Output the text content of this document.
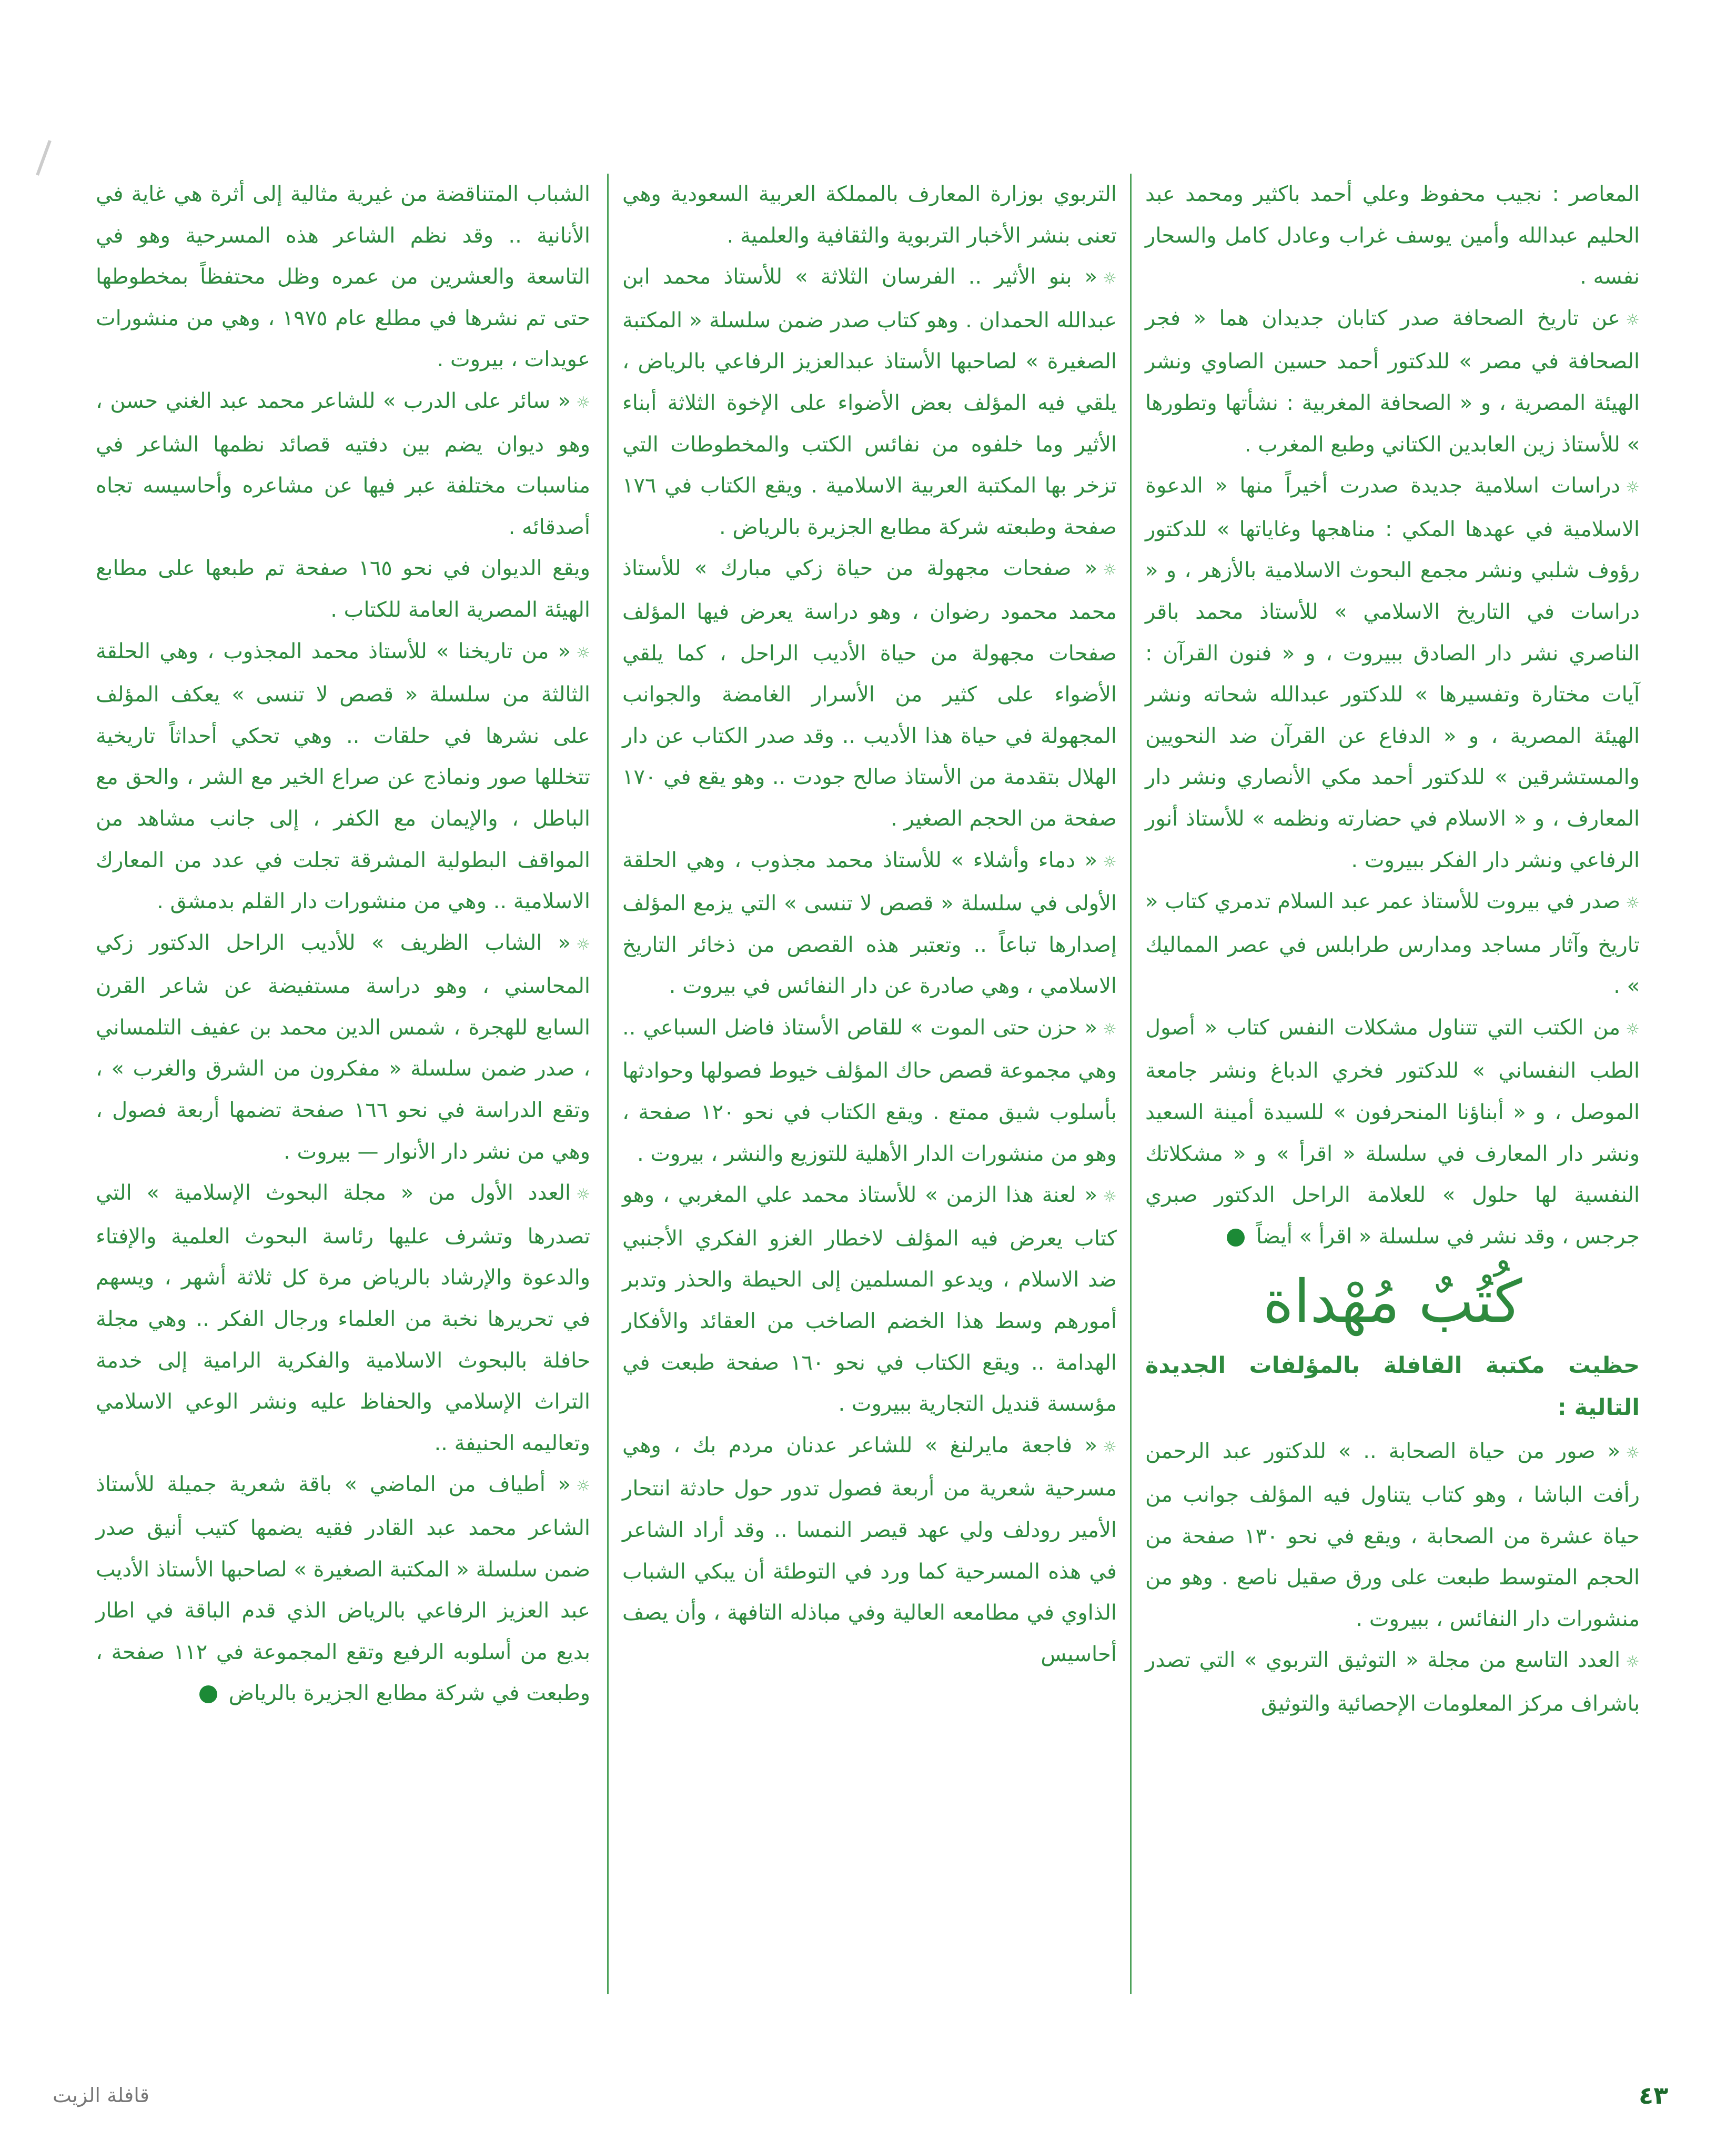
المعاصر : نجيب محفوظ وعلي أحمد باكثير ومحمد عبد الحليم عبدالله وأمين يوسف غراب وعادل كامل والسحار نفسه .

☼عن تاريخ الصحافة صدر كتابان جديدان هما « فجر الصحافة في مصر » للدكتور أحمد حسين الصاوي ونشر الهيئة المصرية ، و « الصحافة المغربية : نشأتها وتطورها » للأستاذ زين العابدين الكتاني وطبع المغرب .

☼دراسات اسلامية جديدة صدرت أخيراً منها « الدعوة الاسلامية في عهدها المكي : مناهجها وغاياتها » للدكتور رؤوف شلبي ونشر مجمع البحوث الاسلامية بالأزهر ، و « دراسات في التاريخ الاسلامي » للأستاذ محمد باقر الناصري نشر دار الصادق ببيروت ، و « فنون القرآن : آيات مختارة وتفسيرها » للدكتور عبدالله شحاته ونشر الهيئة المصرية ، و « الدفاع عن القرآن ضد النحويين والمستشرقين » للدكتور أحمد مكي الأنصاري ونشر دار المعارف ، و « الاسلام في حضارته ونظمه » للأستاذ أنور الرفاعي ونشر دار الفكر ببيروت .

☼صدر في بيروت للأستاذ عمر عبد السلام تدمري كتاب « تاريخ وآثار مساجد ومدارس طرابلس في عصر المماليك » .

☼من الكتب التي تتناول مشكلات النفس كتاب « أصول الطب النفساني » للدكتور فخري الدباغ ونشر جامعة الموصل ، و « أبناؤنا المنحرفون » للسيدة أمينة السعيد ونشر دار المعارف في سلسلة « اقرأ » و « مشكلاتك النفسية لها حلول » للعلامة الراحل الدكتور صبري جرجس ، وقد نشر في سلسلة « اقرأ » أيضاً

كُتُبٌ مُهْداة

حظيت مكتبة القافلة بالمؤلفات الجديدة التالية :

☼« صور من حياة الصحابة .. » للدكتور عبد الرحمن رأفت الباشا ، وهو كتاب يتناول فيه المؤلف جوانب من حياة عشرة من الصحابة ، ويقع في نحو ١٣٠ صفحة من الحجم المتوسط طبعت على ورق صقيل ناصع . وهو من منشورات دار النفائس ، ببيروت .

☼العدد التاسع من مجلة « التوثيق التربوي » التي تصدر باشراف مركز المعلومات الإحصائية والتوثيق

التربوي بوزارة المعارف بالمملكة العربية السعودية وهي تعنى بنشر الأخبار التربوية والثقافية والعلمية .

☼« بنو الأثير .. الفرسان الثلاثة » للأستاذ محمد ابن عبدالله الحمدان . وهو كتاب صدر ضمن سلسلة « المكتبة الصغيرة » لصاحبها الأستاذ عبدالعزيز الرفاعي بالرياض ، يلقي فيه المؤلف بعض الأضواء على الإخوة الثلاثة أبناء الأثير وما خلفوه من نفائس الكتب والمخطوطات التي تزخر بها المكتبة العربية الاسلامية . ويقع الكتاب في ١٧٦ صفحة وطبعته شركة مطابع الجزيرة بالرياض .

☼« صفحات مجهولة من حياة زكي مبارك » للأستاذ محمد محمود رضوان ، وهو دراسة يعرض فيها المؤلف صفحات مجهولة من حياة الأديب الراحل ، كما يلقي الأضواء على كثير من الأسرار الغامضة والجوانب المجهولة في حياة هذا الأديب .. وقد صدر الكتاب عن دار الهلال بتقدمة من الأستاذ صالح جودت .. وهو يقع في ١٧٠ صفحة من الحجم الصغير .

☼« دماء وأشلاء » للأستاذ محمد مجذوب ، وهي الحلقة الأولى في سلسلة « قصص لا تنسى » التي يزمع المؤلف إصدارها تباعاً .. وتعتبر هذه القصص من ذخائر التاريخ الاسلامي ، وهي صادرة عن دار النفائس في بيروت .

☼« حزن حتى الموت » للقاص الأستاذ فاضل السباعي .. وهي مجموعة قصص حاك المؤلف خيوط فصولها وحوادثها بأسلوب شيق ممتع . ويقع الكتاب في نحو ١٢٠ صفحة ، وهو من منشورات الدار الأهلية للتوزيع والنشر ، بيروت .

☼« لعنة هذا الزمن » للأستاذ محمد علي المغربي ، وهو كتاب يعرض فيه المؤلف لاخطار الغزو الفكري الأجنبي ضد الاسلام ، ويدعو المسلمين إلى الحيطة والحذر وتدبر أمورهم وسط هذا الخضم الصاخب من العقائد والأفكار الهدامة .. ويقع الكتاب في نحو ١٦٠ صفحة طبعت في مؤسسة قنديل التجارية ببيروت .

☼« فاجعة مايرلنغ » للشاعر عدنان مردم بك ، وهي مسرحية شعرية من أربعة فصول تدور حول حادثة انتحار الأمير رودلف ولي عهد قيصر النمسا .. وقد أراد الشاعر في هذه المسرحية كما ورد في التوطئة أن يبكي الشباب الذاوي في مطامعه العالية وفي مباذله التافهة ، وأن يصف أحاسيس

الشباب المتناقضة من غيرية مثالية إلى أثرة هي غاية في الأنانية .. وقد نظم الشاعر هذه المسرحية وهو في التاسعة والعشرين من عمره وظل محتفظاً بمخطوطها حتى تم نشرها في مطلع عام ١٩٧٥ ، وهي من منشورات عويدات ، بيروت .

☼« سائر على الدرب » للشاعر محمد عبد الغني حسن ، وهو ديوان يضم بين دفتيه قصائد نظمها الشاعر في مناسبات مختلفة عبر فيها عن مشاعره وأحاسيسه تجاه أصدقائه .

ويقع الديوان في نحو ١٦٥ صفحة تم طبعها على مطابع الهيئة المصرية العامة للكتاب .

☼« من تاريخنا » للأستاذ محمد المجذوب ، وهي الحلقة الثالثة من سلسلة « قصص لا تنسى » يعكف المؤلف على نشرها في حلقات .. وهي تحكي أحداثاً تاريخية تتخللها صور ونماذج عن صراع الخير مع الشر ، والحق مع الباطل ، والإيمان مع الكفر ، إلى جانب مشاهد من المواقف البطولية المشرقة تجلت في عدد من المعارك الاسلامية .. وهي من منشورات دار القلم بدمشق .

☼« الشاب الظريف » للأديب الراحل الدكتور زكي المحاسني ، وهو دراسة مستفيضة عن شاعر القرن السابع للهجرة ، شمس الدين محمد بن عفيف التلمساني ، صدر ضمن سلسلة « مفكرون من الشرق والغرب » ، وتقع الدراسة في نحو ١٦٦ صفحة تضمها أربعة فصول ، وهي من نشر دار الأنوار — بيروت .

☼العدد الأول من « مجلة البحوث الإسلامية » التي تصدرها وتشرف عليها رئاسة البحوث العلمية والإفتاء والدعوة والإرشاد بالرياض مرة كل ثلاثة أشهر ، ويسهم في تحريرها نخبة من العلماء ورجال الفكر .. وهي مجلة حافلة بالبحوث الاسلامية والفكرية الرامية إلى خدمة التراث الإسلامي والحفاظ عليه ونشر الوعي الاسلامي وتعاليمه الحنيفة ..

☼« أطياف من الماضي » باقة شعرية جميلة للأستاذ الشاعر محمد عبد القادر فقيه يضمها كتيب أنيق صدر ضمن سلسلة « المكتبة الصغيرة » لصاحبها الأستاذ الأديب عبد العزيز الرفاعي بالرياض الذي قدم الباقة في اطار بديع من أسلوبه الرفيع وتقع المجموعة في ١١٢ صفحة ، وطبعت في شركة مطابع الجزيرة بالرياض

٤٣
قافلة الزيت
